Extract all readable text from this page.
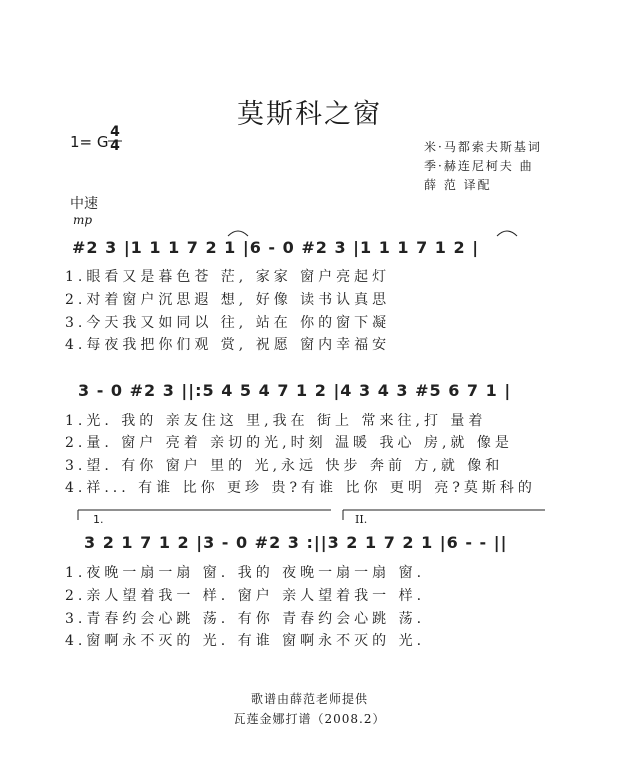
莫斯科之窗
1= G
4
4	米·马都索夫斯基词
季·赫连尼柯夫 曲
薛 范 译配
中速
mp
#2 3 |1 1 1 7 2 1 |6 - 0 #2 3 |1 1 1 7 1 2 |
1.眼看又是暮色苍 茫, 家家 窗户亮起灯
2.对着窗户沉思遐 想, 好像 读书认真思
3.今天我又如同以 往, 站在 你的窗下凝
4.每夜我把你们观 赏, 祝愿 窗内幸福安
3 - 0 #2 3 ||:5 4 5 4 7 1 2 |4 3 4 3 #5 6 7 1 |
1.光. 我的 亲友住这 里,我在 街上 常来往,打 量着
2.量. 窗户 亮着 亲切的光,时刻 温暖 我心 房,就 像是
3.望. 有你 窗户 里的 光,永远 快步 奔前 方,就 像和
4.祥... 有谁 比你 更珍 贵?有谁 比你 更明 亮?莫斯科的
1.	II.
3 2 1 7 1 2 |3 - 0 #2 3 :||3 2 1 7 2 1 |6 - - ||
1.夜晚一扇一扇 窗. 我的 夜晚一扇一扇 窗.
2.亲人望着我一 样. 窗户 亲人望着我一 样.
3.青春约会心跳 荡. 有你 青春约会心跳 荡.
4.窗啊永不灭的 光. 有谁 窗啊永不灭的 光.
歌谱由薛范老师提供
瓦莲金娜打谱（2008.2）
